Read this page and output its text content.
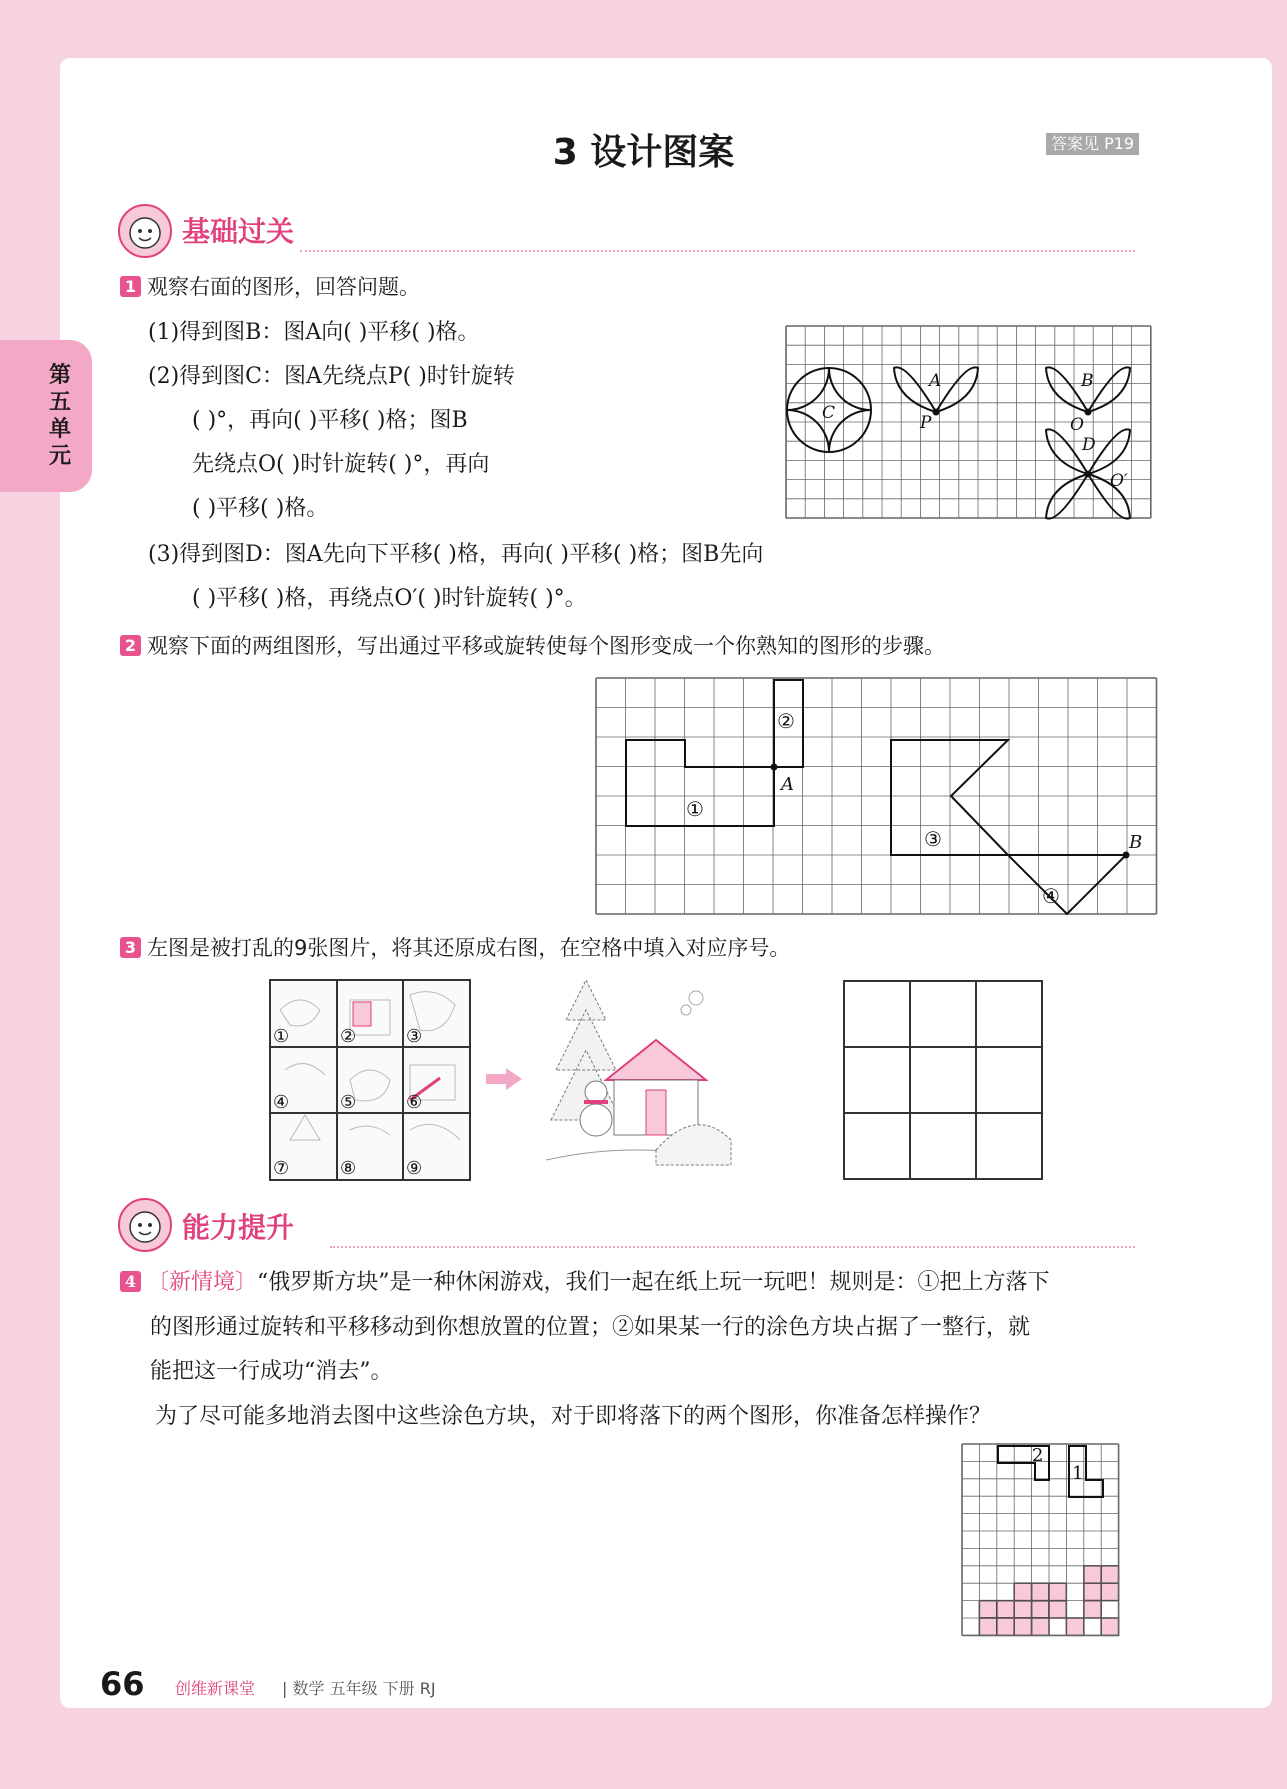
第五单元
3 设计图案	答案见 P19
基础过关
1 观察右面的图形，回答问题。
(1)得到图B：图A向( )平移( )格。
(2)得到图C：图A先绕点P( )时针旋转
( )°，再向( )平移( )格；图B
先绕点O( )时针旋转( )°，再向
( )平移( )格。
(3)得到图D：图A先向下平移( )格，再向( )平移( )格；图B先向
( )平移( )格，再绕点O′( )时针旋转( )°。
C
A
P
B
O
D
O′
2 观察下面的两组图形，写出通过平移或旋转使每个图形变成一个你熟知的图形的步骤。
①
②
③
④
A
B
3 左图是被打乱的9张图片，将其还原成右图，在空格中填入对应序号。
①	②	③
④	⑤	⑥
⑦	⑧	⑨
能力提升
4 〔新情境〕“俄罗斯方块”是一种休闲游戏，我们一起在纸上玩一玩吧！规则是：①把上方落下
的图形通过旋转和平移移动到你想放置的位置；②如果某一行的涂色方块占据了一整行，就
能把这一行成功“消去”。
为了尽可能多地消去图中这些涂色方块，对于即将落下的两个图形，你准备怎样操作？
2
1
66 创维新课堂 | 数学 五年级 下册 RJ
